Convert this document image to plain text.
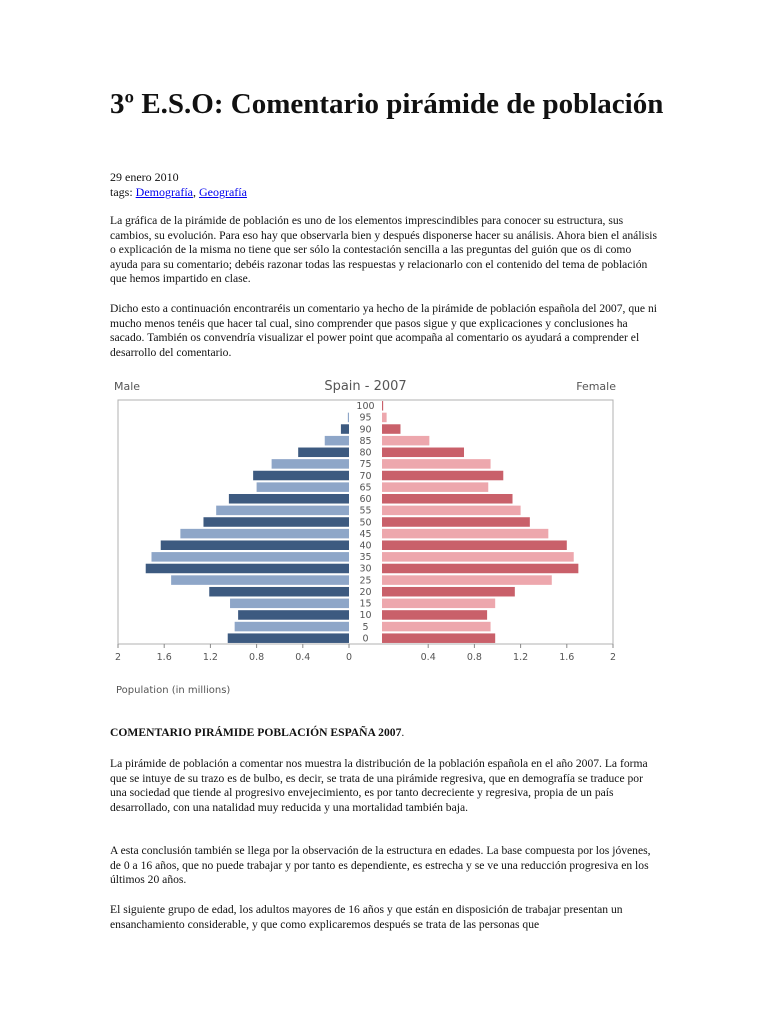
3º E.S.O: Comentario pirámide de población
29 enero 2010
tags: Demografía, Geografía

La gráfica de la pirámide de población es uno de los elementos imprescindibles para conocer su estructura, sus cambios, su evolución. Para eso hay que observarla bien y después disponerse hacer su análisis. Ahora bien el análisis o explicación de la misma no tiene que ser sólo la contestación sencilla a las preguntas del guión que os di como ayuda para su comentario; debéis razonar todas las respuestas y relacionarlo con el contenido del tema de población que hemos impartido en clase.

Dicho esto a continuación encontraréis un comentario ya hecho de la pirámide de población española del 2007, que ni mucho menos tenéis que hacer tal cual, sino comprender que pasos sigue y que explicaciones y conclusiones ha sacado. También os convendría visualizar el power point que acompaña al comentario os ayudará a comprender el desarrollo del comentario.

Spain - 2007
Male	Female
Population (in millions)
0
5
10
15
20
25
30
35
40
45
50
55
60
65
70
75
80
85
90
95
100
2	1.6	1.2	0.8	0.4	0	0.4	0.8	1.2	1.6	2
COMENTARIO PIRÁMIDE POBLACIÓN ESPAÑA 2007.

La pirámide de población a comentar nos muestra la distribución de la población española en el año 2007. La forma que se intuye de su trazo es de bulbo, es decir, se trata de una pirámide regresiva, que en demografía se traduce por una sociedad que tiende al progresivo envejecimiento, es por tanto decreciente y regresiva, propia de un país desarrollado, con una natalidad muy reducida y una mortalidad también baja.

A esta conclusión también se llega por la observación de la estructura en edades. La base compuesta por los jóvenes, de 0 a 16 años, que no puede trabajar y por tanto es dependiente, es estrecha y se ve una reducción progresiva en los últimos 20 años.

El siguiente grupo de edad, los adultos mayores de 16 años y que están en disposición de trabajar presentan un ensanchamiento considerable, y que como explicaremos después se trata de las personas que
